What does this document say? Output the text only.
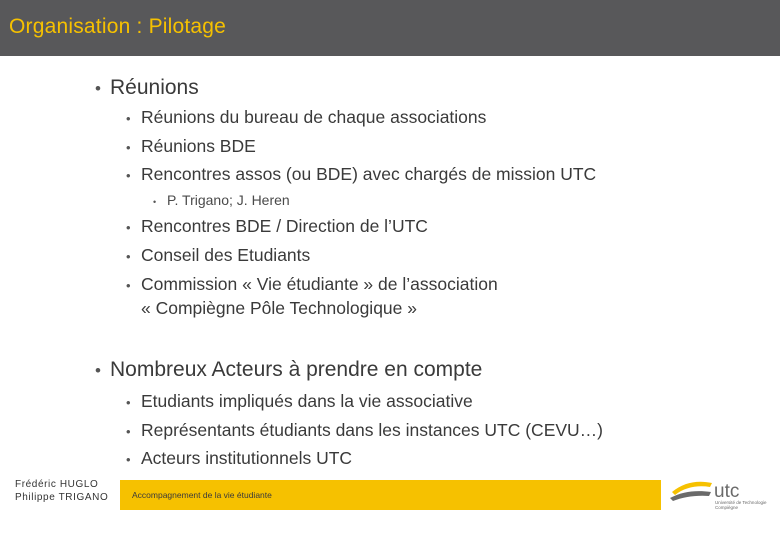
Organisation : Pilotage
• Réunions
• Réunions du bureau de chaque associations
• Réunions BDE
• Rencontres assos (ou BDE) avec chargés de mission UTC
• P. Trigano; J. Heren
• Rencontres BDE / Direction de l’UTC
• Conseil des Etudiants
• Commission « Vie étudiante » de l’association
« Compiègne Pôle Technologique »
• Nombreux Acteurs à prendre en compte
• Etudiants impliqués dans la vie associative
• Représentants étudiants dans les instances UTC (CEVU…)
• Acteurs institutionnels UTC
Frédéric HUGLO
Philippe TRIGANO	Accompagnement de la vie étudiante	utc
Université de Technologie
Compiègne
